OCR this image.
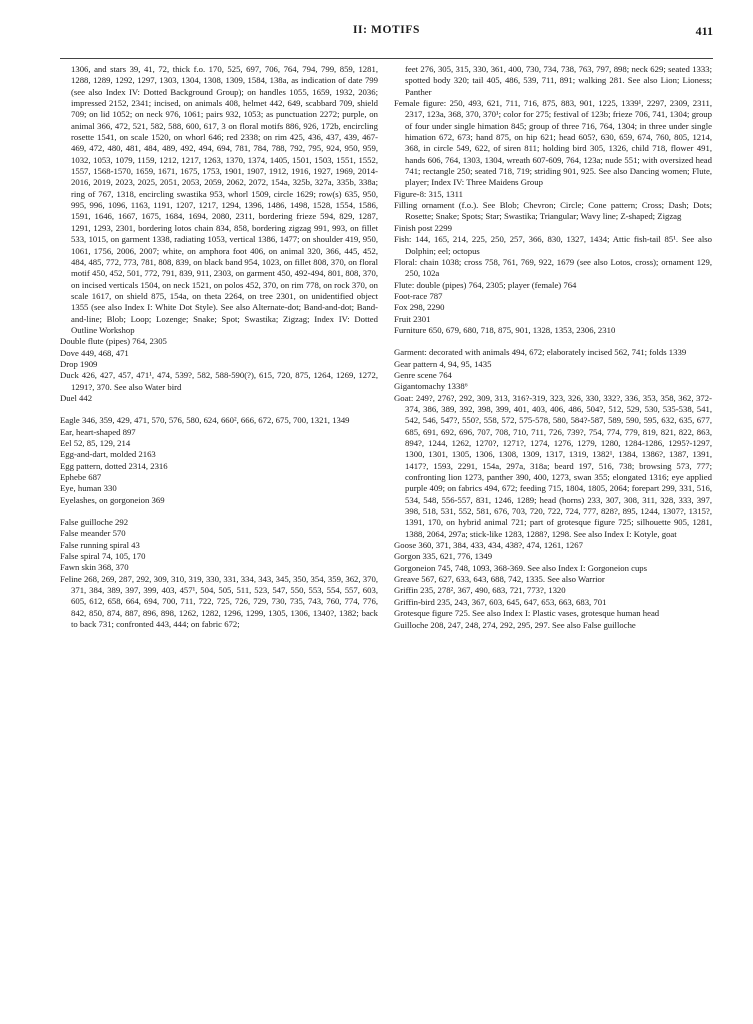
II: MOTIFS	411

1306, and stars 39, 41, 72, thick f.o. 170, 525, 697, 706, 764, 794, 799, 859, 1281, 1288, 1289, 1292, 1297, 1303, 1304, 1308, 1309, 1584, 138a, as indication of date 799 (see also Index IV: Dotted Background Group); on handles 1055, 1659, 1932, 2036; impressed 2152, 2341; incised, on animals 408, helmet 442, 649, scabbard 709, shield 709; on lid 1052; on neck 976, 1061; pairs 932, 1053; as punctuation 2272; purple, on animal 366, 472, 521, 582, 588, 600, 617, 3 on floral motifs 886, 926, 172b, encircling rosette 1541, on scale 1520, on whorl 646; red 2338; on rim 425, 436, 437, 439, 467-469, 472, 480, 481, 484, 489, 492, 494, 694, 781, 784, 788, 792, 795, 924, 950, 959, 1032, 1053, 1079, 1159, 1212, 1217, 1263, 1370, 1374, 1405, 1501, 1503, 1551, 1552, 1557, 1568-1570, 1659, 1671, 1675, 1753, 1901, 1907, 1912, 1916, 1927, 1969, 2014-2016, 2019, 2023, 2025, 2051, 2053, 2059, 2062, 2072, 154a, 325b, 327a, 335b, 338a; ring of 767, 1318, encircling swastika 953, whorl 1509, circle 1629; row(s) 635, 950, 995, 996, 1096, 1163, 1191, 1207, 1217, 1294, 1396, 1486, 1498, 1528, 1554, 1586, 1591, 1646, 1667, 1675, 1684, 1694, 2080, 2311, bordering frieze 594, 829, 1287, 1291, 1293, 2301, bordering lotos chain 834, 858, bordering zigzag 991, 993, on fillet 533, 1015, on garment 1338, radiating 1053, vertical 1386, 1477; on shoulder 419, 950, 1061, 1756, 2006, 2007; white, on amphora foot 406, on animal 320, 366, 445, 452, 484, 485, 772, 773, 781, 808, 839, on black band 954, 1023, on fillet 808, 370, on floral motif 450, 452, 501, 772, 791, 839, 911, 2303, on garment 450, 492-494, 801, 808, 370, on incised verticals 1504, on neck 1521, on polos 452, 370, on rim 778, on rock 370, on scale 1617, on shield 875, 154a, on theta 2264, on tree 2301, on unidentified object 1355 (see also Index I: White Dot Style). See also Alternate-dot; Band-and-dot; Band-and-line; Blob; Loop; Lozenge; Snake; Spot; Swastika; Zigzag; Index IV: Dotted Outline Workshop

Double flute (pipes) 764, 2305

Dove 449, 468, 471

Drop 1909

Duck 426, 427, 457, 471¹, 474, 539?, 582, 588-590(?), 615, 720, 875, 1264, 1269, 1272, 1291?, 370. See also Water bird

Duel 442

Eagle 346, 359, 429, 471, 570, 576, 580, 624, 660², 666, 672, 675, 700, 1321, 1349

Ear, heart-shaped 897

Eel 52, 85, 129, 214

Egg-and-dart, molded 2163

Egg pattern, dotted 2314, 2316

Ephebe 687

Eye, human 330

Eyelashes, on gorgoneion 369

False guilloche 292

False meander 570

False running spiral 43

False spiral 74, 105, 170

Fawn skin 368, 370

Feline 268, 269, 287, 292, 309, 310, 319, 330, 331, 334, 343, 345, 350, 354, 359, 362, 370, 371, 384, 389, 397, 399, 403, 457¹, 504, 505, 511, 523, 547, 550, 553, 554, 557, 603, 605, 612, 658, 664, 694, 700, 711, 722, 725, 726, 729, 730, 735, 743, 760, 774, 776, 842, 850, 874, 887, 896, 898, 1262, 1282, 1296, 1299, 1305, 1306, 1340?, 1382; back to back 731; confronted 443, 444; on fabric 672;

feet 276, 305, 315, 330, 361, 400, 730, 734, 738, 763, 797, 898; neck 629; seated 1333; spotted body 320; tail 405, 486, 539, 711, 891; walking 281. See also Lion; Lioness; Panther

Female figure: 250, 493, 621, 711, 716, 875, 883, 901, 1225, 1339¹, 2297, 2309, 2311, 2317, 123a, 368, 370, 370¹; color for 275; festival of 123b; frieze 706, 741, 1304; group of four under single himation 845; group of three 716, 764, 1304; in three under single himation 672, 673; hand 875, on hip 621; head 605?, 630, 659, 674, 760, 805, 1214, 368, in circle 549, 622, of siren 811; holding bird 305, 1326, child 718, flower 491, hands 606, 764, 1303, 1304, wreath 607-609, 764, 123a; nude 551; with oversized head 741; rectangle 250; seated 718, 719; striding 901, 925. See also Dancing women; Flute, player; Index IV: Three Maidens Group

Figure-8: 315, 1311

Filling ornament (f.o.). See Blob; Chevron; Circle; Cone pattern; Cross; Dash; Dots; Rosette; Snake; Spots; Star; Swastika; Triangular; Wavy line; Z-shaped; Zigzag

Finish post 2299

Fish: 144, 165, 214, 225, 250, 257, 366, 830, 1327, 1434; Attic fish-tail 85¹. See also Dolphin; eel; octopus

Floral: chain 1038; cross 758, 761, 769, 922, 1679 (see also Lotos, cross); ornament 129, 250, 102a

Flute: double (pipes) 764, 2305; player (female) 764

Foot-race 787

Fox 298, 2290

Fruit 2301

Furniture 650, 679, 680, 718, 875, 901, 1328, 1353, 2306, 2310

Garment: decorated with animals 494, 672; elaborately incised 562, 741; folds 1339

Gear pattern 4, 94, 95, 1435

Genre scene 764

Gigantomachy 1338⁶

Goat: 249?, 276?, 292, 309, 313, 316?-319, 323, 326, 330, 332?, 336, 353, 358, 362, 372-374, 386, 389, 392, 398, 399, 401, 403, 406, 486, 504?, 512, 529, 530, 535-538, 541, 542, 546, 547?, 550?, 558, 572, 575-578, 580, 584?-587, 589, 590, 595, 632, 635, 677, 685, 691, 692, 696, 707, 708, 710, 711, 726, 739?, 754, 774, 779, 819, 821, 822, 863, 894?, 1244, 1262, 1270?, 1271?, 1274, 1276, 1279, 1280, 1284-1286, 1295?-1297, 1300, 1301, 1305, 1306, 1308, 1309, 1317, 1319, 1382¹, 1384, 1386?, 1387, 1391, 1417?, 1593, 2291, 154a, 297a, 318a; beard 197, 516, 738; browsing 573, 777; confronting lion 1273, panther 390, 400, 1273, swan 355; elongated 1316; eye applied purple 409; on fabrics 494, 672; feeding 715, 1804, 1805, 2064; forepart 299, 331, 516, 534, 548, 556-557, 831, 1246, 1289; head (horns) 233, 307, 308, 311, 328, 333, 397, 398, 518, 531, 552, 581, 676, 703, 720, 722, 724, 777, 828?, 895, 1244, 1307?, 1315?, 1391, 170, on hybrid animal 721; part of grotesque figure 725; silhouette 905, 1281, 1388, 2064, 297a; stick-like 1283, 1288?, 1298. See also Index I: Kotyle, goat

Goose 360, 371, 384, 433, 434, 438?, 474, 1261, 1267

Gorgon 335, 621, 776, 1349

Gorgoneion 745, 748, 1093, 368-369. See also Index I: Gorgoneion cups

Greave 567, 627, 633, 643, 688, 742, 1335. See also Warrior

Griffin 235, 278², 367, 490, 683, 721, 773?, 1320

Griffin-bird 235, 243, 367, 603, 645, 647, 653, 663, 683, 701

Grotesque figure 725. See also Index I: Plastic vases, grotesque human head

Guilloche 208, 247, 248, 274, 292, 295, 297. See also False guilloche
